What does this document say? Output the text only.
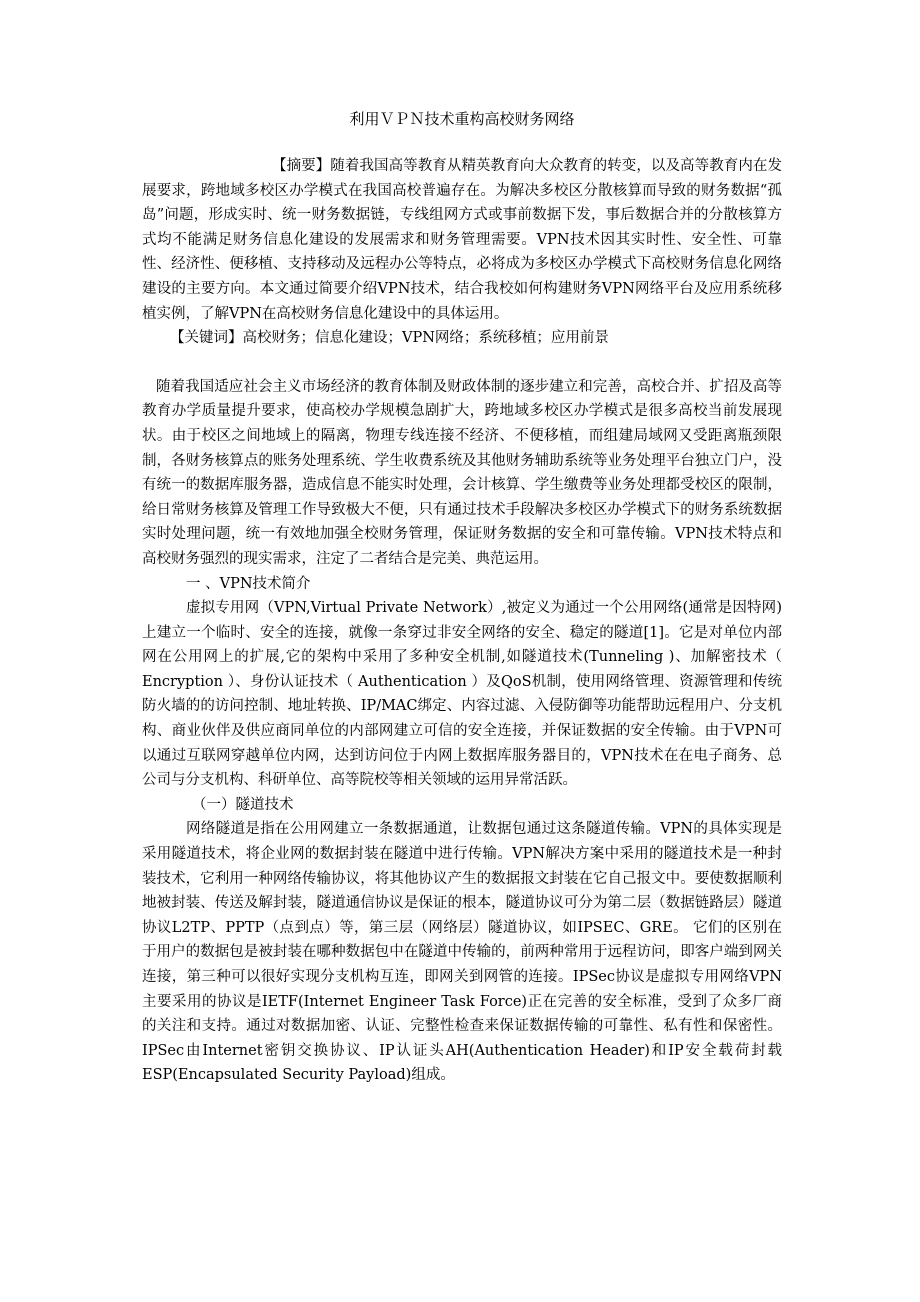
利用ＶＰＮ技术重构高校财务网络

【摘要】随着我国高等教育从精英教育向大众教育的转变，以及高等教育内在发展要求，跨地域多校区办学模式在我国高校普遍存在。为解决多校区分散核算而导致的财务数据“孤岛”问题，形成实时、统一财务数据链，专线组网方式或事前数据下发，事后数据合并的分散核算方式均不能满足财务信息化建设的发展需求和财务管理需要。VPN技术因其实时性、安全性、可靠性、经济性、便移植、支持移动及远程办公等特点，必将成为多校区办学模式下高校财务信息化网络建设的主要方向。本文通过简要介绍VPN技术，结合我校如何构建财务VPN网络平台及应用系统移植实例，了解VPN在高校财务信息化建设中的具体运用。

【关键词】高校财务；信息化建设；VPN网络；系统移植；应用前景

随着我国适应社会主义市场经济的教育体制及财政体制的逐步建立和完善，高校合并、扩招及高等教育办学质量提升要求，使高校办学规模急剧扩大，跨地域多校区办学模式是很多高校当前发展现状。由于校区之间地域上的隔离，物理专线连接不经济、不便移植，而组建局域网又受距离瓶颈限制，各财务核算点的账务处理系统、学生收费系统及其他财务辅助系统等业务处理平台独立门户，没有统一的数据库服务器，造成信息不能实时处理，会计核算、学生缴费等业务处理都受校区的限制，给日常财务核算及管理工作导致极大不便，只有通过技术手段解决多校区办学模式下的财务系统数据实时处理问题，统一有效地加强全校财务管理，保证财务数据的安全和可靠传输。VPN技术特点和高校财务强烈的现实需求，注定了二者结合是完美、典范运用。

一 、VPN技术简介

虚拟专用网（VPN,Virtual Private Network）,被定义为通过一个公用网络(通常是因特网)上建立一个临时、安全的连接，就像一条穿过非安全网络的安全、稳定的隧道[1]。它是对单位内部网在公用网上的扩展,它的架构中采用了多种安全机制,如隧道技术(Tunneling )、加解密技术（ Encryption ）、身份认证技术（ Authentication ）及QoS机制，使用网络管理、资源管理和传统防火墙的的访问控制、地址转换、IP/MAC绑定、内容过滤、入侵防御等功能帮助远程用户、分支机构、商业伙伴及供应商同单位的内部网建立可信的安全连接，并保证数据的安全传输。由于VPN可以通过互联网穿越单位内网，达到访问位于内网上数据库服务器目的，VPN技术在在电子商务、总公司与分支机构、科研单位、高等院校等相关领域的运用异常活跃。

（一）隧道技术

网络隧道是指在公用网建立一条数据通道，让数据包通过这条隧道传输。VPN的具体实现是采用隧道技术，将企业网的数据封装在隧道中进行传输。VPN解决方案中采用的隧道技术是一种封装技术，它利用一种网络传输协议，将其他协议产生的数据报文封装在它自己报文中。要使数据顺利地被封装、传送及解封装，隧道通信协议是保证的根本，隧道协议可分为第二层（数据链路层）隧道协议L2TP、PPTP（点到点）等，第三层（网络层）隧道协议，如IPSEC、GRE。 它们的区别在于用户的数据包是被封装在哪种数据包中在隧道中传输的，前两种常用于远程访问，即客户端到网关连接，第三种可以很好实现分支机构互连，即网关到网管的连接。IPSec协议是虚拟专用网络VPN主要采用的协议是IETF(Internet Engineer Task Force)正在完善的安全标准，受到了众多厂商的关注和支持。通过对数据加密、认证、完整性检查来保证数据传输的可靠性、私有性和保密性。IPSec由Internet密钥交换协议、IP认证头AH(Authentication Header)和IP安全载荷封载ESP(Encapsulated Security Payload)组成。
